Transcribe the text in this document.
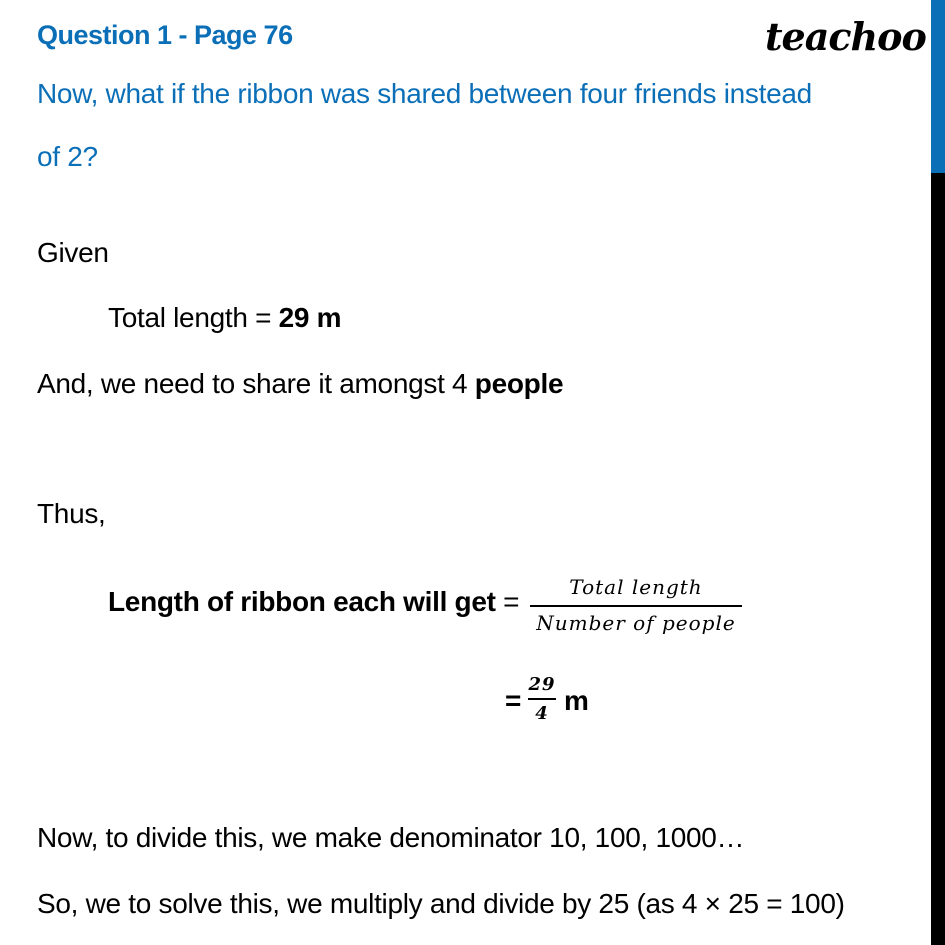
Question 1 - Page 76	teachoo
Now, what if the ribbon was shared between four friends instead
of 2?
Given
Total length = 29 m
And, we need to share it amongst 4 people
Thus,
Length of ribbon each will get =	Total length
Number of people
=
29
4 m
Now, to divide this, we make denominator 10, 100, 1000…
So, we to solve this, we multiply and divide by 25 (as 4 × 25 = 100)
